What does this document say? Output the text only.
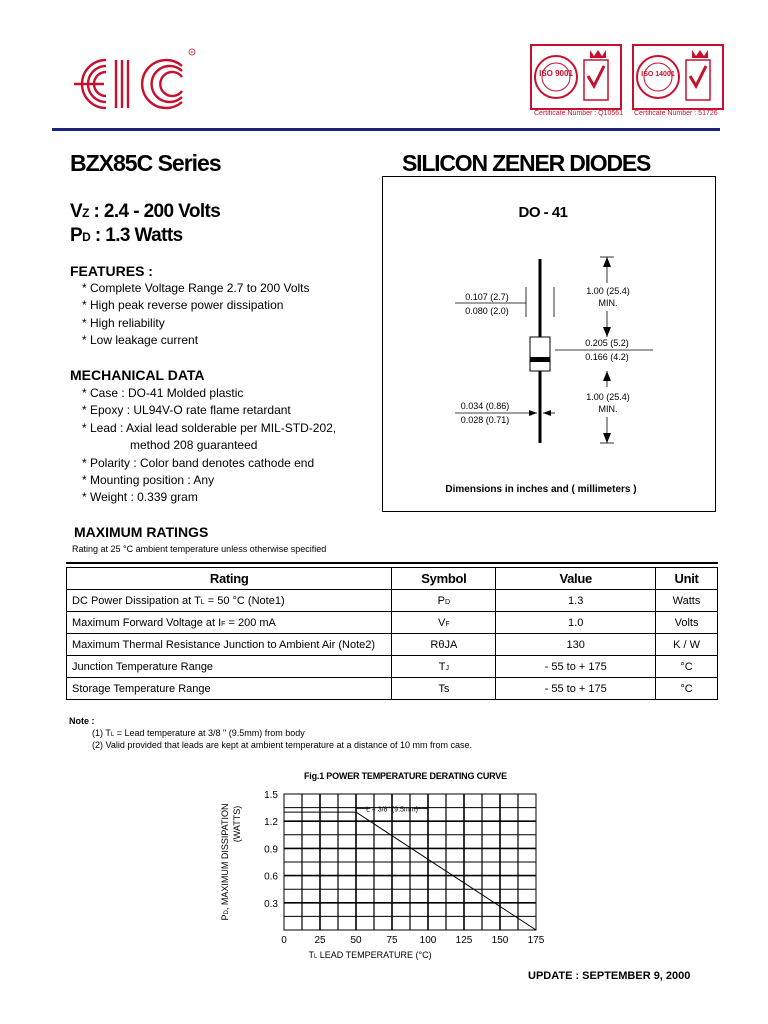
R
EIC
ISO 9001	ISO 14001
Certificate Number : Q10561 Certificate Number : 51726
BZX85C Series	SILICON ZENER DIODES
VZ : 2.4 - 200 Volts
PD : 1.3 Watts
FEATURES :
* Complete Voltage Range 2.7 to 200 Volts
* High peak reverse power dissipation
* High reliability
* Low leakage current
MECHANICAL DATA
* Case : DO-41 Molded plastic
* Epoxy : UL94V-O rate flame retardant
* Lead : Axial lead solderable per MIL-STD-202,
method 208 guaranteed
* Polarity : Color band denotes cathode end
* Mounting position : Any
* Weight : 0.339 gram
DO - 41
0.107 (2.7)
0.080 (2.0)
1.00 (25.4)
MIN.
0.205 (5.2)
0.166 (4.2)
0.034 (0.86)
0.028 (0.71)
1.00 (25.4)
MIN.
Dimensions in inches and ( millimeters )
MAXIMUM RATINGS
Rating at 25 °C ambient temperature unless otherwise specified
Rating	Symbol	Value	Unit
DC Power Dissipation at TL = 50 °C (Note1)	PD	1.3	Watts
Maximum Forward Voltage at IF = 200 mA	VF	1.0	Volts
Maximum Thermal Resistance Junction to Ambient Air (Note2)	RθJA	130	K / W
Junction Temperature Range	TJ	- 55 to + 175	°C
Storage Temperature Range	Ts	- 55 to + 175	°C
Note :
(1) TL = Lead temperature at 3/8 " (9.5mm) from body
(2) Valid provided that leads are kept at ambient temperature at a distance of 10 mm from case.
Fig.1 POWER TEMPERATURE DERATING CURVE
L = 3/8" (9.5mm)
0	25 50 75 100 125 150 175
0.3
0.6
0.9
1.2
1.5
TL LEAD TEMPERATURE (°C)
PD, MAXIMUM DISSIPATION (WATTS)
UPDATE : SEPTEMBER 9, 2000
